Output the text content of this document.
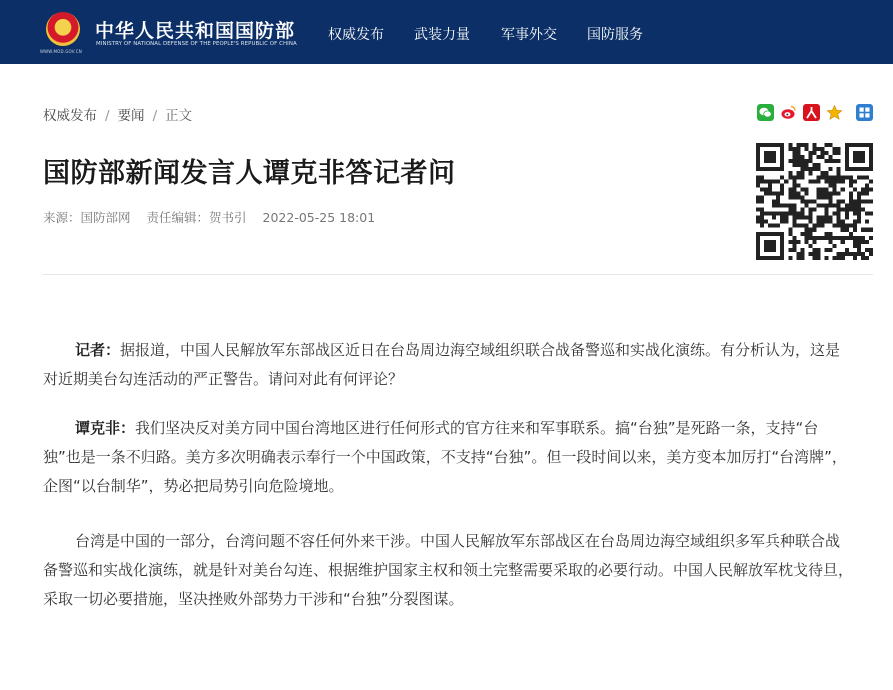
WWW.MOD.GOV.CN
中华人民共和国国防部
MINISTRY OF NATIONAL DEFENSE OF THE PEOPLE'S REPUBLIC OF CHINA
权威发布 武装力量 军事外交 国防服务
权威发布 / 要闻 / 正文
国防部新闻发言人谭克非答记者问
来源：国防部网 责任编辑：贺书引 2022-05-25 18:01
记者：据报道，中国人民解放军东部战区近日在台岛周边海空域组织联合战备警巡和实战化演练。有分析认为，这是对近期美台勾连活动的严正警告。请问对此有何评论？
谭克非：我们坚决反对美方同中国台湾地区进行任何形式的官方往来和军事联系。搞“台独”是死路一条，支持“台独”也是一条不归路。美方多次明确表示奉行一个中国政策，不支持“台独”。但一段时间以来，美方变本加厉打“台湾牌”，企图“以台制华”，势必把局势引向危险境地。
台湾是中国的一部分，台湾问题不容任何外来干涉。中国人民解放军东部战区在台岛周边海空域组织多军兵种联合战备警巡和实战化演练，就是针对美台勾连、根据维护国家主权和领土完整需要采取的必要行动。中国人民解放军枕戈待旦，采取一切必要措施，坚决挫败外部势力干涉和“台独”分裂图谋。
